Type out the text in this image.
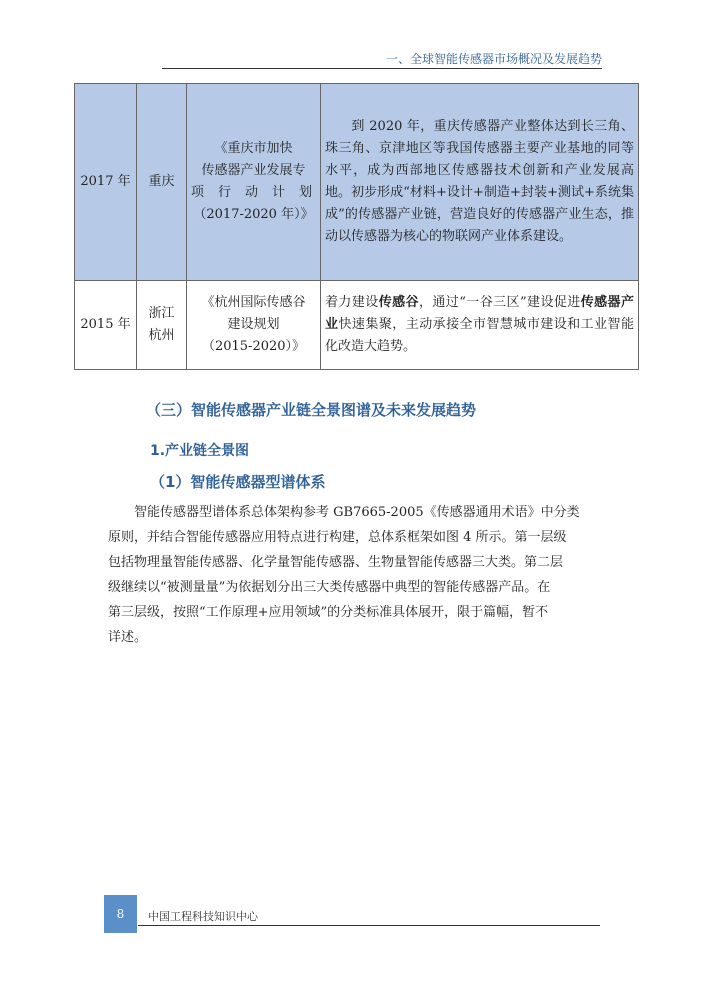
一、全球智能传感器市场概况及发展趋势
2017 年	重庆	《重庆市加快
传感器产业发展专
项 行 动 计 划
（2017-2020 年）》	到 2020 年，重庆传感器产业整体达到长三角、珠三角、京津地区等我国传感器主要产业基地的同等水平，成为西部地区传感器技术创新和产业发展高地。初步形成“材料+设计+制造+封装+测试+系统集成”的传感器产业链，营造良好的传感器产业生态，推动以传感器为核心的物联网产业体系建设。
2015 年	浙江
杭州	《杭州国际传感谷
建设规划
（2015-2020）》	着力建设传感谷，通过“一谷三区”建设促进传感器产业快速集聚，主动承接全市智慧城市建设和工业智能化改造大趋势。
（三）智能传感器产业链全景图谱及未来发展趋势
1.产业链全景图
（1）智能传感器型谱体系
智能传感器型谱体系总体架构参考 GB7665-2005《传感器通用术语》中分类
原则，并结合智能传感器应用特点进行构建，总体系框架如图 4 所示。第一层级
包括物理量智能传感器、化学量智能传感器、生物量智能传感器三大类。第二层
级继续以“被测量量”为依据划分出三大类传感器中典型的智能传感器产品。在
第三层级，按照“工作原理+应用领域”的分类标准具体展开，限于篇幅，暂不
详述。
8	中国工程科技知识中心
